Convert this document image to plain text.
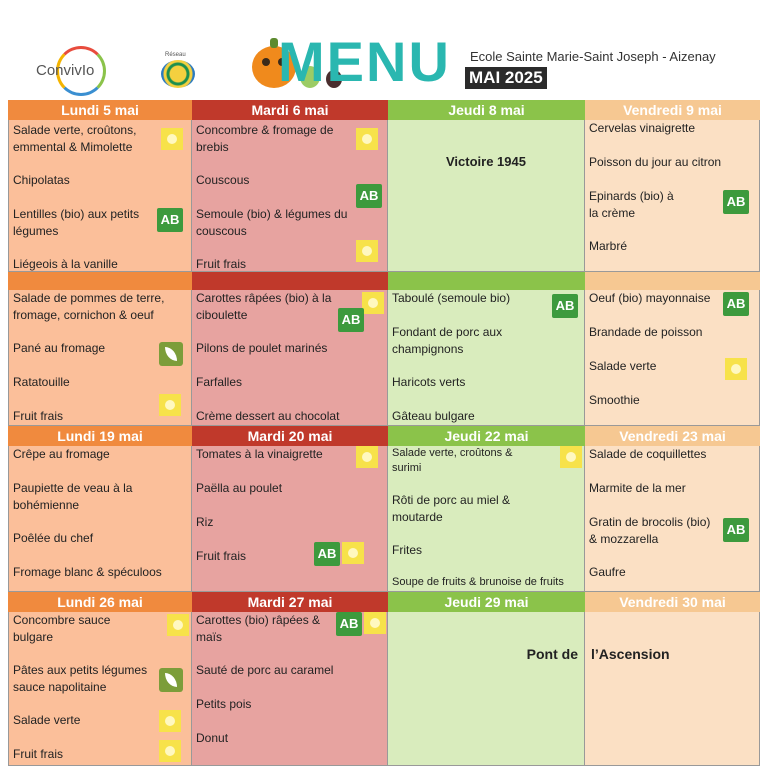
ConvivIo
Réseau MENU Ecole Sainte Marie-Saint Joseph - Aizenay
MAI 2025
Lundi 5 mai
Salade verte, croûtons, emmental & Mimolette
Chipolatas
Lentilles (bio) aux petits légumes
Liégeois à la vanille
AB
Salade de pommes de terre, fromage, cornichon & oeuf
Pané au fromage
Ratatouille
Fruit frais
Lundi 19 mai
Crêpe au fromage
Paupiette de veau à la bohémienne
Poêlée du chef
Fromage blanc & spéculoos
Lundi 26 mai
Concombre sauce bulgare
Pâtes aux petits légumes sauce napolitaine
Salade verte
Fruit frais
Mardi 6 mai
Concombre & fromage de brebis
Couscous
Semoule (bio) & légumes du couscous
Fruit frais
AB
Carottes râpées (bio) à la ciboulette
Pilons de poulet marinés
Farfalles
Crème dessert au chocolat
AB
Mardi 20 mai
Tomates à la vinaigrette
Paëlla au poulet
Riz
Fruit frais	AB
Mardi 27 mai
Carottes (bio) râpées & maïs
Sauté de porc au caramel
Petits pois
Donut
AB
Jeudi 8 mai
Victoire 1945
Taboulé (semoule bio)
Fondant de porc aux champignons
Haricots verts
Gâteau bulgare
AB
Jeudi 22 mai
Salade verte, croûtons & surimi
Rôti de porc au miel & moutarde
Frites
Soupe de fruits & brunoise de fruits
Jeudi 29 mai
Pont de
Vendredi 9 mai
Cervelas vinaigrette
Poisson du jour au citron
Epinards (bio) à la crème
Marbré
AB
Oeuf (bio) mayonnaise
Brandade de poisson
Salade verte
Smoothie
AB
Vendredi 23 mai
Salade de coquillettes
Marmite de la mer
Gratin de brocolis (bio) & mozzarella
Gaufre
AB
Vendredi 30 mai
l’Ascension
